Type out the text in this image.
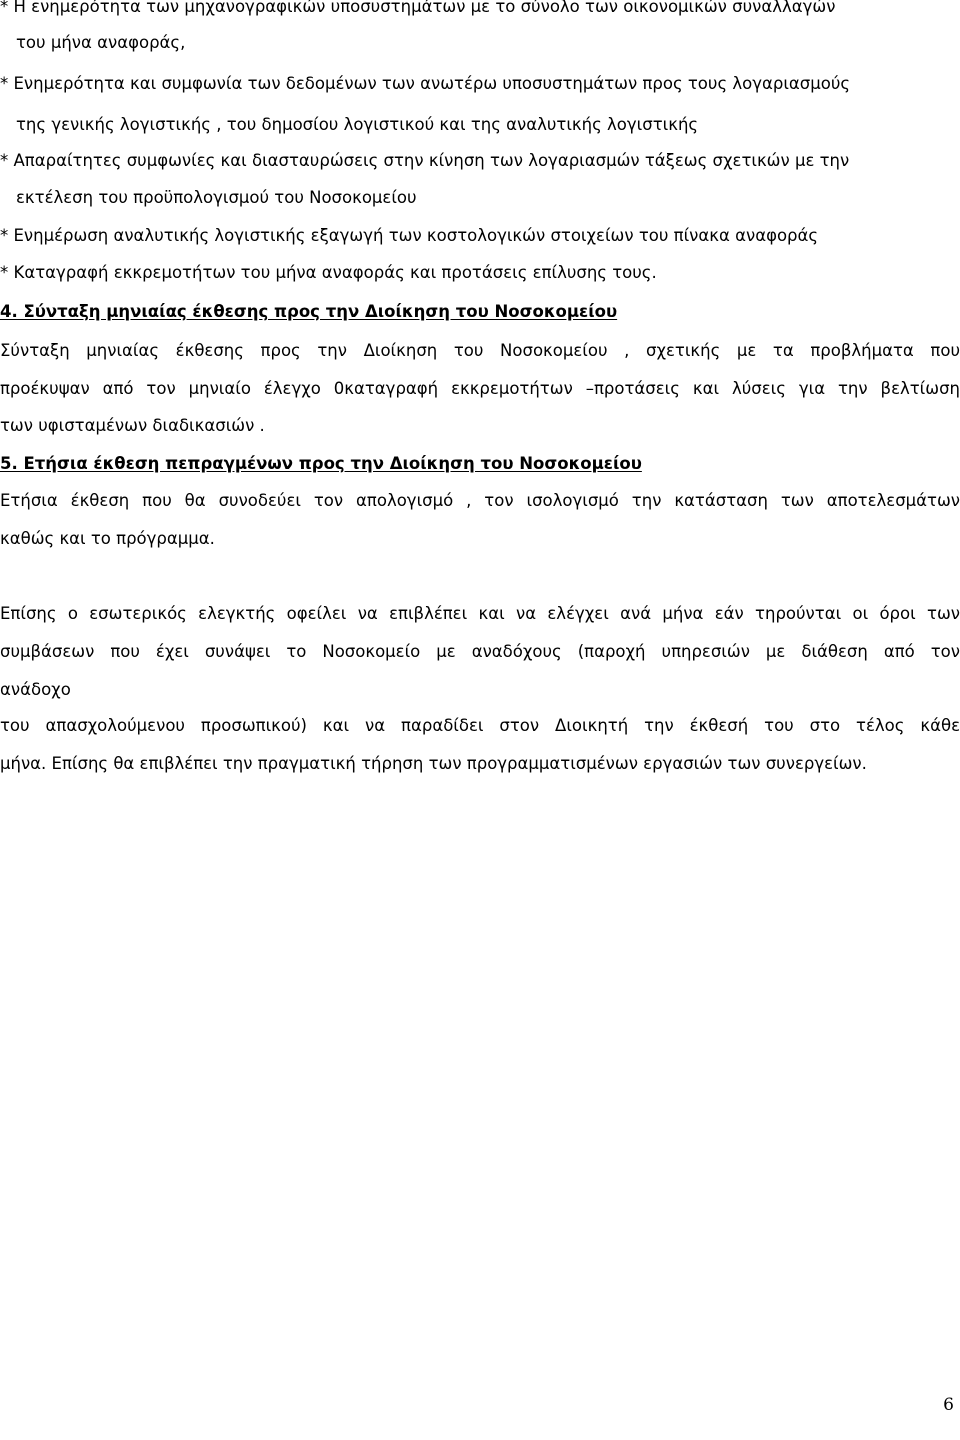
* Η ενημερότητα των μηχανογραφικών υποσυστημάτων με το σύνολο των οικονομικών συναλλαγών
του μήνα αναφοράς,
* Ενημερότητα και συμφωνία των δεδομένων των ανωτέρω υποσυστημάτων προς τους λογαριασμούς
της γενικής λογιστικής , του δημοσίου λογιστικού και της αναλυτικής λογιστικής
* Απαραίτητες συμφωνίες και διασταυρώσεις στην κίνηση των λογαριασμών τάξεως σχετικών με την
εκτέλεση του προϋπολογισμού του Νοσοκομείου
* Ενημέρωση αναλυτικής λογιστικής εξαγωγή των κοστολογικών στοιχείων του πίνακα αναφοράς
* Καταγραφή εκκρεμοτήτων του μήνα αναφοράς και προτάσεις επίλυσης τους.
4. Σύνταξη μηνιαίας έκθεσης προς την Διοίκηση του Νοσοκομείου
Σύνταξη μηνιαίας έκθεσης προς την Διοίκηση του Νοσοκομείου , σχετικής με τα προβλήματα που
προέκυψαν από τον μηνιαίο έλεγχο 0καταγραφή εκκρεμοτήτων –προτάσεις και λύσεις για την βελτίωση
των υφισταμένων διαδικασιών .
5. Ετήσια έκθεση πεπραγμένων προς την Διοίκηση του Νοσοκομείου
Ετήσια έκθεση που θα συνοδεύει τον απολογισμό , τον ισολογισμό την κατάσταση των αποτελεσμάτων
καθώς και το πρόγραμμα.
Επίσης ο εσωτερικός ελεγκτής οφείλει να επιβλέπει και να ελέγχει ανά μήνα εάν τηρούνται οι όροι των
συμβάσεων που έχει συνάψει το Νοσοκομείο με αναδόχους (παροχή υπηρεσιών με διάθεση από τον
ανάδοχο
του απασχολούμενου προσωπικού) και να παραδίδει στον Διοικητή την έκθεσή του στο τέλος κάθε
μήνα. Επίσης θα επιβλέπει την πραγματική τήρηση των προγραμματισμένων εργασιών των συνεργείων.
6
